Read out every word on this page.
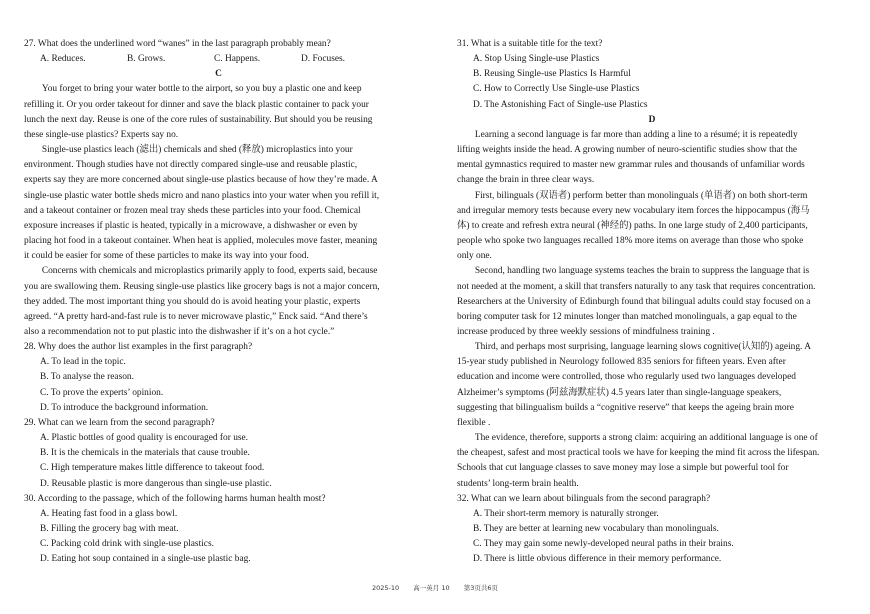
27. What does the underlined word “wanes” in the last paragraph probably mean?
A. Reduces.	B. Grows.	C. Happens.	D. Focuses.
C
You forget to bring your water bottle to the airport, so you buy a plastic one and keep
refilling it. Or you order takeout for dinner and save the black plastic container to pack your
lunch the next day. Reuse is one of the core rules of sustainability. But should you be reusing
these single-use plastics? Experts say no.
Single-use plastics leach (滤出) chemicals and shed (释放) microplastics into your
environment. Though studies have not directly compared single-use and reusable plastic,
experts say they are more concerned about single-use plastics because of how they’re made. A
single-use plastic water bottle sheds micro and nano plastics into your water when you refill it,
and a takeout container or frozen meal tray sheds these particles into your food. Chemical
exposure increases if plastic is heated, typically in a microwave, a dishwasher or even by
placing hot food in a takeout container. When heat is applied, molecules move faster, meaning
it could be easier for some of these particles to make its way into your food.
Concerns with chemicals and microplastics primarily apply to food, experts said, because
you are swallowing them. Reusing single-use plastics like grocery bags is not a major concern,
they added. The most important thing you should do is avoid heating your plastic, experts
agreed. “A pretty hard-and-fast rule is to never microwave plastic,” Enck said. “And there’s
also a recommendation not to put plastic into the dishwasher if it’s on a hot cycle.”
28. Why does the author list examples in the first paragraph?
A. To lead in the topic.
B. To analyse the reason.
C. To prove the experts’ opinion.
D. To introduce the background information.
29. What can we learn from the second paragraph?
A. Plastic bottles of good quality is encouraged for use.
B. It is the chemicals in the materials that cause trouble.
C. High temperature makes little difference to takeout food.
D. Reusable plastic is more dangerous than single-use plastic.
30. According to the passage, which of the following harms human health most?
A. Heating fast food in a glass bowl.
B. Filling the grocery bag with meat.
C. Packing cold drink with single-use plastics.
D. Eating hot soup contained in a single-use plastic bag.
31. What is a suitable title for the text?
A. Stop Using Single-use Plastics
B. Reusing Single-use Plastics Is Harmful
C. How to Correctly Use Single-use Plastics
D. The Astonishing Fact of Single-use Plastics
D
Learning a second language is far more than adding a line to a résumé; it is repeatedly
lifting weights inside the head. A growing number of neuro-scientific studies show that the
mental gymnastics required to master new grammar rules and thousands of unfamiliar words
change the brain in three clear ways.
First, bilinguals (双语者) perform better than monolinguals (单语者) on both short-term
and irregular memory tests because every new vocabulary item forces the hippocampus (海马
体) to create and refresh extra neural (神经的) paths. In one large study of 2,400 participants,
people who spoke two languages recalled 18% more items on average than those who spoke
only one.
Second, handling two language systems teaches the brain to suppress the language that is
not needed at the moment, a skill that transfers naturally to any task that requires concentration.
Researchers at the University of Edinburgh found that bilingual adults could stay focused on a
boring computer task for 12 minutes longer than matched monolinguals, a gap equal to the
increase produced by three weekly sessions of mindfulness training .
Third, and perhaps most surprising, language learning slows cognitive(认知的) ageing. A
15-year study published in Neurology followed 835 seniors for fifteen years. Even after
education and income were controlled, those who regularly used two languages developed
Alzheimer’s symptoms (阿兹海默症状) 4.5 years later than single-language speakers,
suggesting that bilingualism builds a “cognitive reserve” that keeps the ageing brain more
flexible .
The evidence, therefore, supports a strong claim: acquiring an additional language is one of
the cheapest, safest and most practical tools we have for keeping the mind fit across the lifespan.
Schools that cut language classes to save money may lose a simple but powerful tool for
students’ long-term brain health.
32. What can we learn about bilinguals from the second paragraph?
A. Their short-term memory is naturally stronger.
B. They are better at learning new vocabulary than monolinguals.
C. They may gain some newly-developed neural paths in their brains.
D. There is little obvious difference in their memory performance.
2025-10 高一英月 10 第3页共6页
